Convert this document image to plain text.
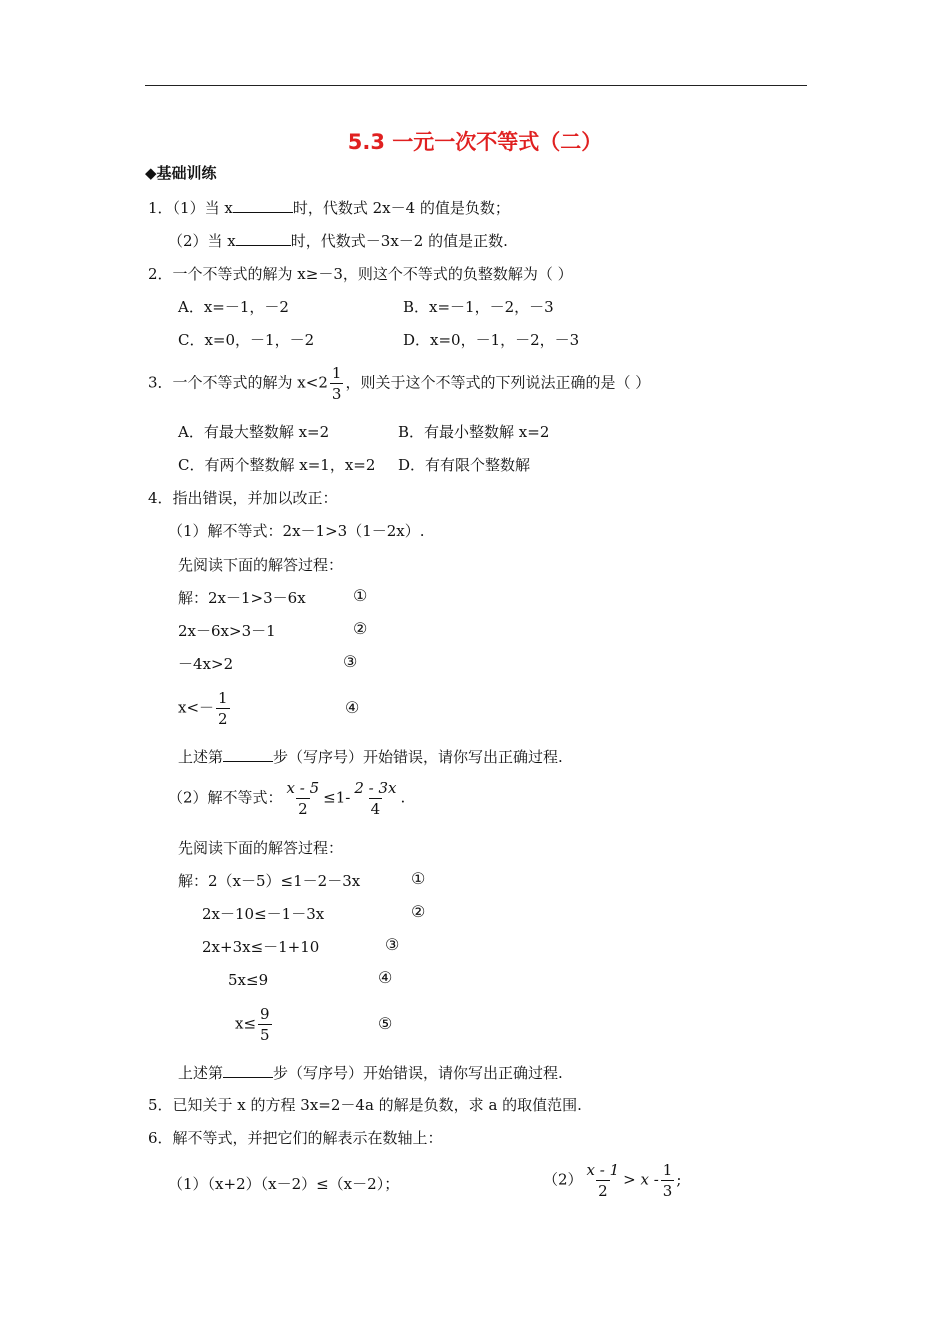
5.3 一元一次不等式（二）
◆基础训练
1．（1）当 x	时，代数式 2x－4 的值是负数；
（2）当 x	时，代数式－3x－2 的值是正数.
2．一个不等式的解为 x≥－3，则这个不等式的负整数解为（ ）
A．x=－1，－2	B．x=－1，－2，－3
C．x=0，－1，－2	D．x=0，－1，－2，－3
3．一个不等式的解为 $x<2 \frac{1}{3}$ ，则关于这个不等式的下列说法正确的是（ ）
A．有最大整数解 x=2	B．有最小整数解 x=2
C．有两个整数解 x=1，x=2 D．有有限个整数解
4．指出错误，并加以改正：
（1）解不等式：2x－1>3（1－2x）.
先阅读下面的解答过程：
解：2x－1>3－6x	①
2x－6x>3－1	②
－4x>2	③
$x<- \frac{1}{2}$	④
上述第	步（写序号）开始错误，请你写出正确过程.
（2）解不等式： $\frac{x - 5}{2} \le 1- \frac{2 - 3x}{4}$ .
先阅读下面的解答过程：
解：2（x－5）≤1－2－3x	①
2x－10≤－1－3x	②
2x+3x≤－1+10	③
5x≤9	④
$x\le \frac{9}{5}$	⑤
上述第	步（写序号）开始错误，请你写出正确过程.
5．已知关于 x 的方程 3x=2－4a 的解是负数，求 a 的取值范围.
6．解不等式，并把它们的解表示在数轴上：
（1）（x+2）（x－2）≤（x－2）；	$(2) \frac{x - 1}{2} > x - \frac{1}{3}$ ;
